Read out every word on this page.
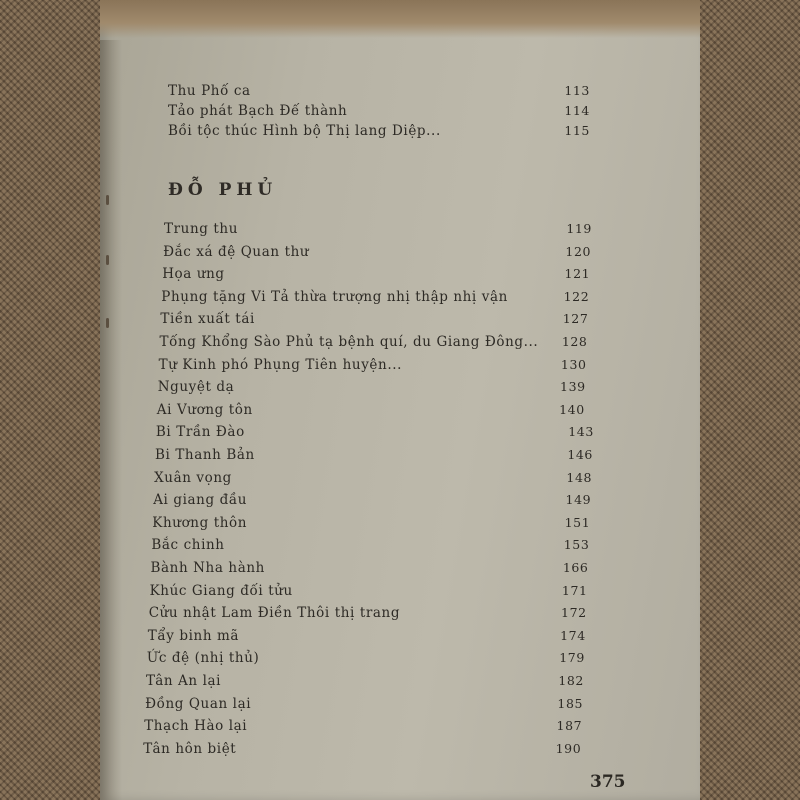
Thu Phố ca	113
Tảo phát Bạch Đế thành	114
Bồi tộc thúc Hình bộ Thị lang Diệp...	115
ĐỖ PHỦ
Trung thu	119
Đắc xá đệ Quan thư	120
Họa ưng	121
Phụng tặng Vi Tả thừa trượng nhị thập nhị vận	122
Tiền xuất tái	127
Tống Khổng Sào Phủ tạ bệnh quí, du Giang Đông...	128
Tự Kinh phó Phụng Tiên huyện...	130
Nguyệt dạ	139
Ai Vương tôn	140
Bi Trần Đào	143
Bi Thanh Bản	146
Xuân vọng	148
Ai giang đầu	149
Khương thôn	151
Bắc chinh	153
Bành Nha hành	166
Khúc Giang đối tửu	171
Cửu nhật Lam Điền Thôi thị trang	172
Tẩy binh mã	174
Ức đệ (nhị thủ)	179
Tân An lại	182
Đồng Quan lại	185
Thạch Hào lại	187
Tân hôn biệt	190
375
